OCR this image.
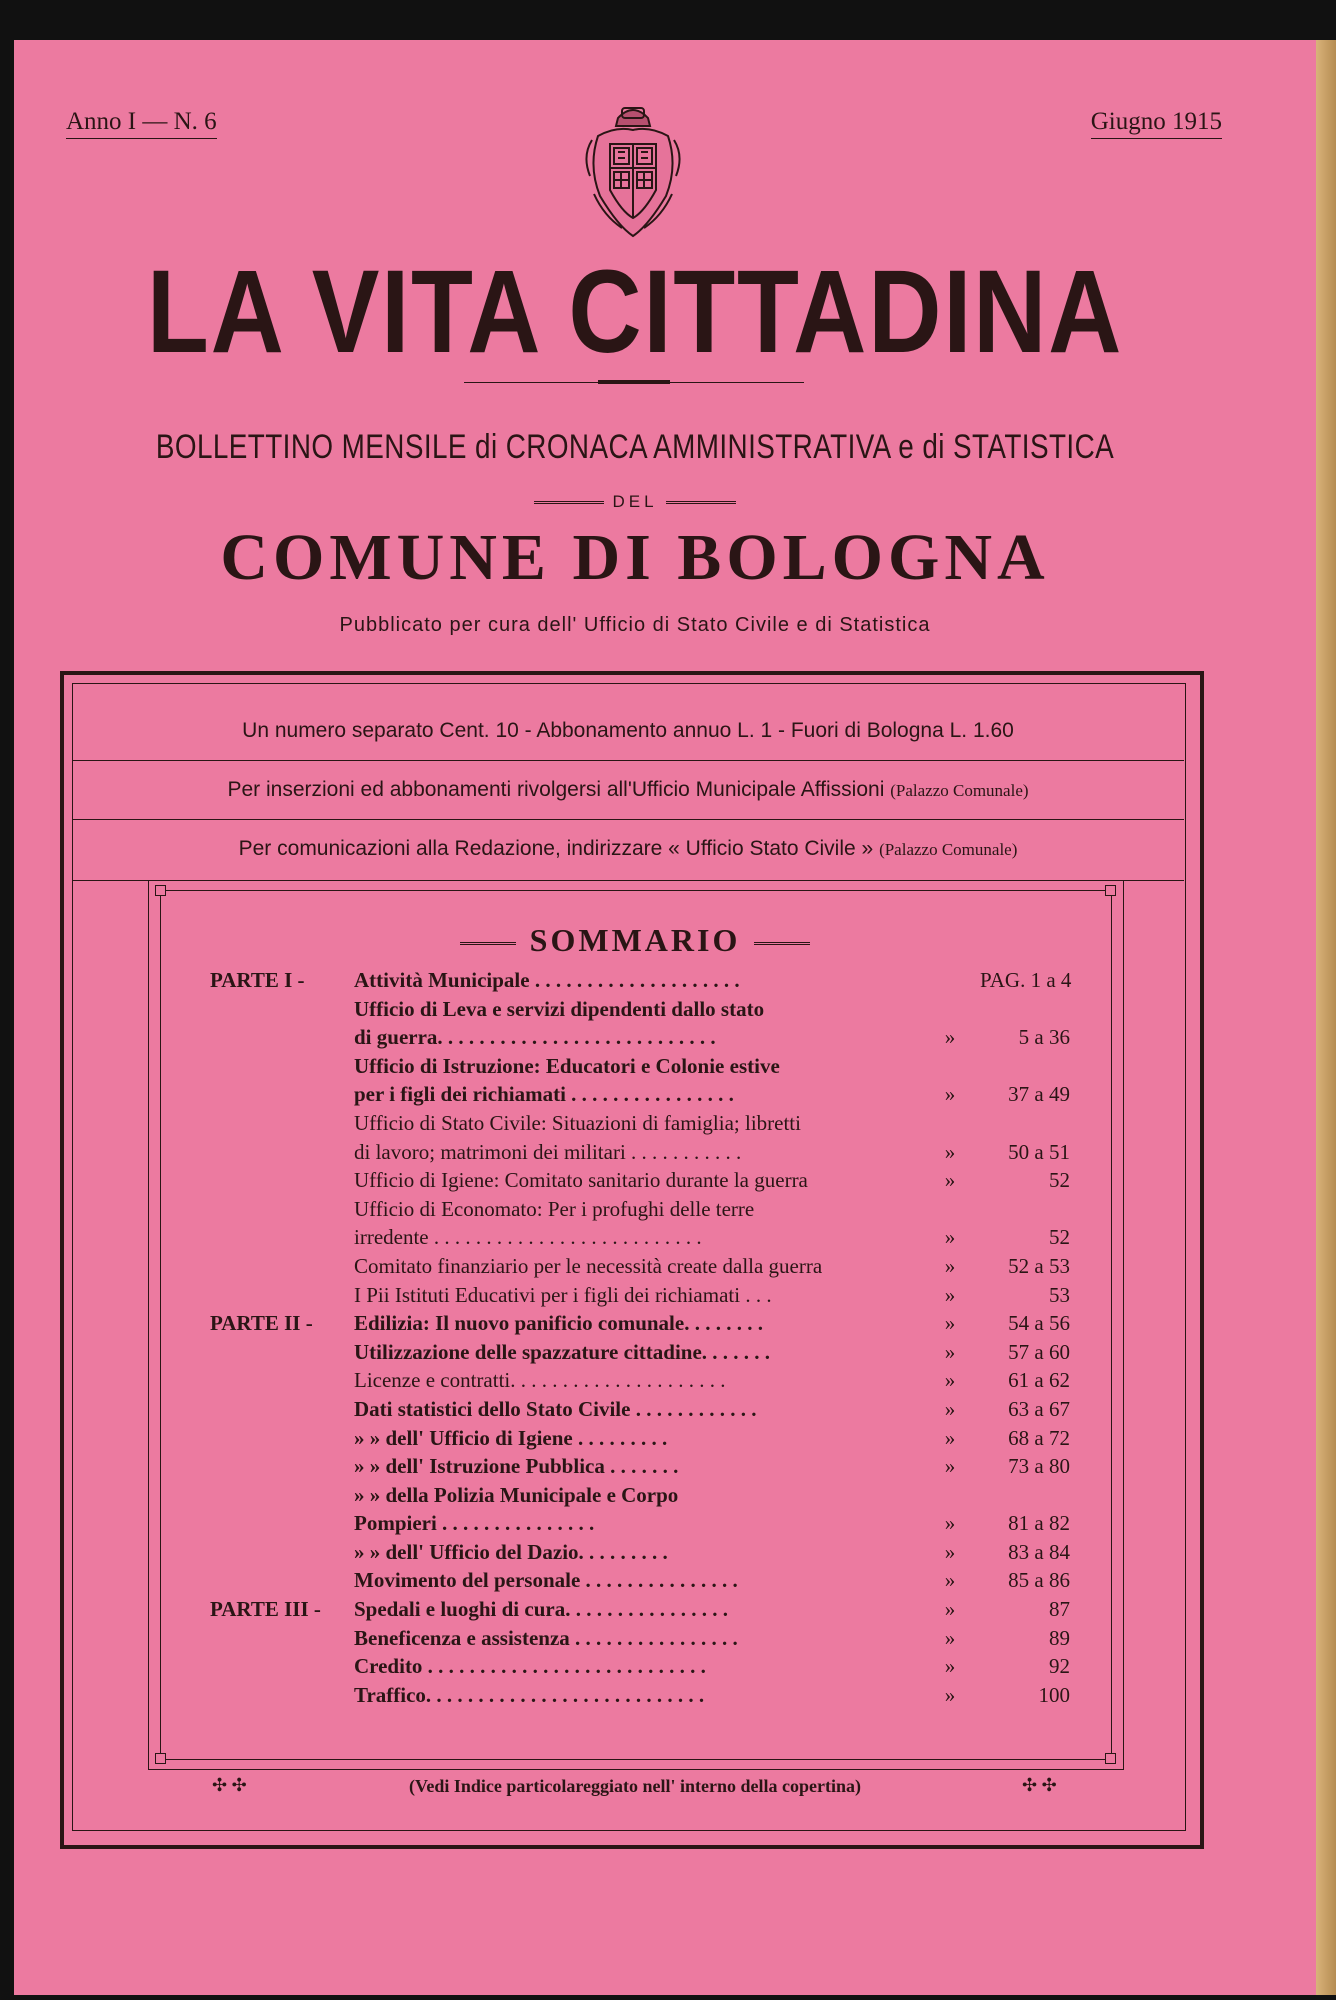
Anno I — N. 6	Giugno 1915
LA VITA CITTADINA
BOLLETTINO MENSILE di CRONACA AMMINISTRATIVA e di STATISTICA
DEL
COMUNE DI BOLOGNA
Pubblicato per cura dell' Ufficio di Stato Civile e di Statistica
Un numero separato Cent. 10 - Abbonamento annuo L. 1 - Fuori di Bologna L. 1.60
Per inserzioni ed abbonamenti rivolgersi all'Ufficio Municipale Affissioni (Palazzo Comunale)
Per comunicazioni alla Redazione, indirizzare « Ufficio Stato Civile » (Palazzo Comunale)
SOMMARIO
PARTE I - Attività Municipale . . . . . . . . . . . . . . . . . . . .	PAG. 1 a 4
Ufficio di Leva e servizi dipendenti dallo stato
di guerra. . . . . . . . . . . . . . . . . . . . . . . . . . .	»	5 a 36
Ufficio di Istruzione: Educatori e Colonie estive
per i figli dei richiamati . . . . . . . . . . . . . . . .	»	37 a 49
Ufficio di Stato Civile: Situazioni di famiglia; libretti
di lavoro; matrimoni dei militari . . . . . . . . . . .	»	50 a 51
Ufficio di Igiene: Comitato sanitario durante la guerra	»	52
Ufficio di Economato: Per i profughi delle terre
irredente . . . . . . . . . . . . . . . . . . . . . . . . . .	»	52
Comitato finanziario per le necessità create dalla guerra	»	52 a 53
I Pii Istituti Educativi per i figli dei richiamati . . .	»	53
PARTE II - Edilizia: Il nuovo panificio comunale. . . . . . . .	»	54 a 56
Utilizzazione delle spazzature cittadine. . . . . . .	»	57 a 60
Licenze e contratti. . . . . . . . . . . . . . . . . . . . .	»	61 a 62
Dati statistici dello Stato Civile . . . . . . . . . . . .	»	63 a 67
» » dell' Ufficio di Igiene . . . . . . . . .	»	68 a 72
» » dell' Istruzione Pubblica . . . . . . .	»	73 a 80
» » della Polizia Municipale e Corpo
Pompieri . . . . . . . . . . . . . . .	»	81 a 82
» » dell' Ufficio del Dazio. . . . . . . . .	»	83 a 84
Movimento del personale . . . . . . . . . . . . . . .	»	85 a 86
PARTE III - Spedali e luoghi di cura. . . . . . . . . . . . . . . .	»	87
Beneficenza e assistenza . . . . . . . . . . . . . . . .	»	89
Credito . . . . . . . . . . . . . . . . . . . . . . . . . . .	»	92
Traffico. . . . . . . . . . . . . . . . . . . . . . . . . . .	»	100
(Vedi Indice particolareggiato nell' interno della copertina)
✣ ✣	✣ ✣
